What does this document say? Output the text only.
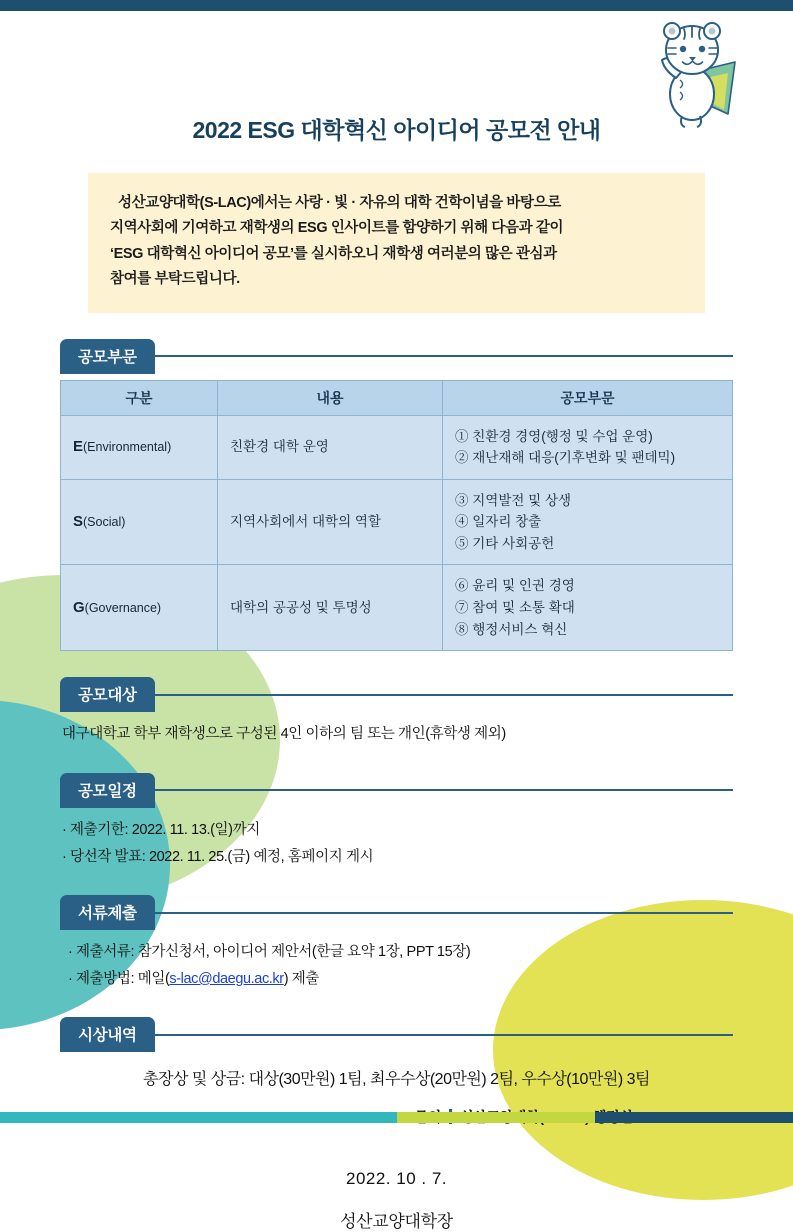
2022 ESG 대학혁신 아이디어 공모전 안내
성산교양대학(S-LAC)에서는 사랑 · 빛 · 자유의 대학 건학이념을 바탕으로
지역사회에 기여하고 재학생의 ESG 인사이트를 함양하기 위해 다음과 같이
‘ESG 대학혁신 아이디어 공모’를 실시하오니 재학생 여러분의 많은 관심과
참여를 부탁드립니다.
공모부문
구분	내용	공모부문
E(Environmental)	친환경 대학 운영	① 친환경 경영(행정 및 수업 운영)
② 재난재해 대응(기후변화 및 팬데믹)

S(Social)	지역사회에서 대학의 역할	③ 지역발전 및 상생
④ 일자리 창출
⑤ 기타 사회공헌

G(Governance)	대학의 공공성 및 투명성	⑥ 윤리 및 인권 경영
⑦ 참여 및 소통 확대
⑧ 행정서비스 혁신
공모대상
대구대학교 학부 재학생으로 구성된 4인 이하의 팀 또는 개인(휴학생 제외)
공모일정
· 제출기한: 2022. 11. 13.(일)까지
· 당선작 발표: 2022. 11. 25.(금) 예정, 홈페이지 게시
서류제출
· 제출서류: 참가신청서, 아이디어 제안서(한글 요약 1장, PPT 15장)
· 제출방법: 메일(s-lac@daegu.ac.kr) 제출
시상내역
총장상 및 상금: 대상(30만원) 1팀, 최우수상(20만원) 2팀, 우수상(10만원) 3팀
2022. 10 . 7.
성산교양대학장
